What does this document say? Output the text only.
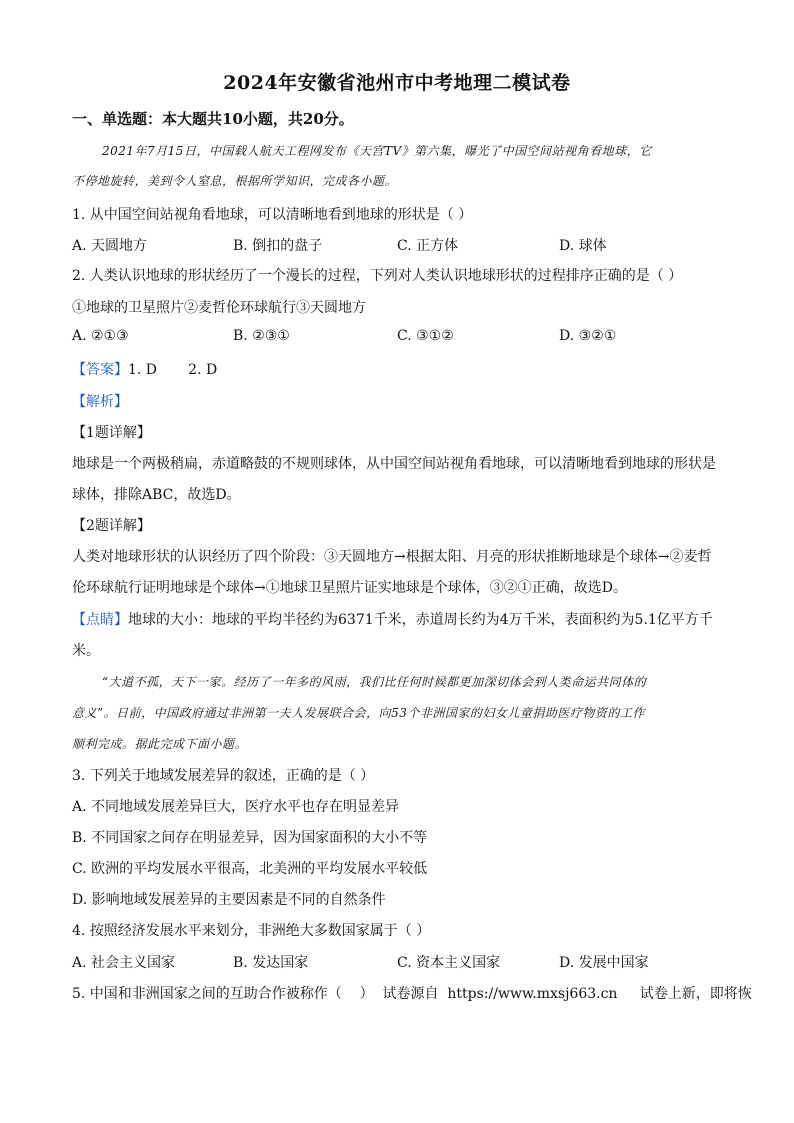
2024年安徽省池州市中考地理二模试卷
一、单选题：本大题共10小题，共20分。
2021年7月15日，中国载人航天工程网发布《天宫TV》第六集，曝光了中国空间站视角看地球，它
不停地旋转，美到令人窒息，根据所学知识，完成各小题。
1. 从中国空间站视角看地球，可以清晰地看到地球的形状是（ ）
A. 天圆地方	B. 倒扣的盘子	C. 正方体	D. 球体
2. 人类认识地球的形状经历了一个漫长的过程，下列对人类认识地球形状的过程排序正确的是（ ）
①地球的卫星照片②麦哲伦环球航行③天圆地方
A. ②①③	B. ②③①	C. ③①②	D. ③②①
【答案】1. D       2. D
【解析】
【1题详解】
地球是一个两极稍扁，赤道略鼓的不规则球体，从中国空间站视角看地球，可以清晰地看到地球的形状是
球体，排除ABC，故选D。
【2题详解】
人类对地球形状的认识经历了四个阶段：③天圆地方→根据太阳、月亮的形状推断地球是个球体→②麦哲
伦环球航行证明地球是个球体→①地球卫星照片证实地球是个球体，③②①正确，故选D。
【点睛】地球的大小：地球的平均半径约为6371千米，赤道周长约为4万千米，表面积约为5.1亿平方千
米。
“大道不孤，天下一家。经历了一年多的风雨，我们比任何时候都更加深切体会到人类命运共同体的
意义”。日前，中国政府通过非洲第一夫人发展联合会，向53个非洲国家的妇女儿童捐助医疗物资的工作
顺利完成。据此完成下面小题。
3. 下列关于地域发展差异的叙述，正确的是（ ）
A. 不同地域发展差异巨大，医疗水平也存在明显差异
B. 不同国家之间存在明显差异，因为国家面积的大小不等
C. 欧洲的平均发展水平很高，北美洲的平均发展水平较低
D. 影响地域发展差异的主要因素是不同的自然条件
4. 按照经济发展水平来划分，非洲绝大多数国家属于（ ）
A. 社会主义国家	B. 发达国家	C. 资本主义国家	D. 发展中国家
5. 中国和非洲国家之间的互助合作被称作（    ）  试卷源自  https://www.mxsj663.cn     试卷上新，即将恢
